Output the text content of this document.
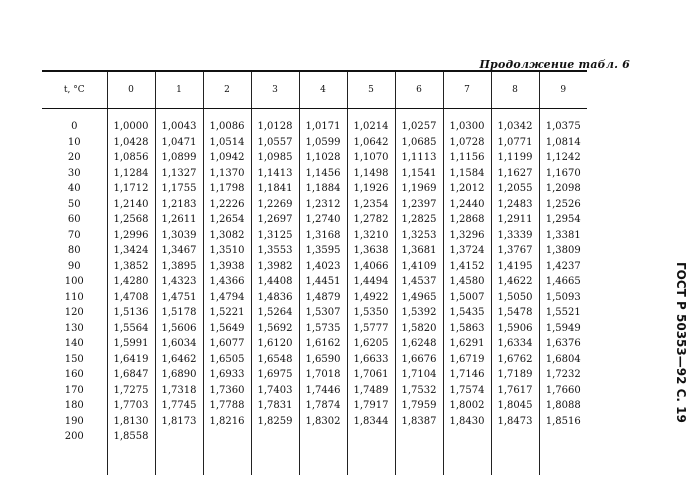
Продолжение табл. 6
t, °C	0	1	2	3	4	5	6	7	8	9
0	1,0000	1,0043	1,0086	1,0128	1,0171	1,0214	1,0257	1,0300	1,0342	1,0375
10	1,0428	1,0471	1,0514	1,0557	1,0599	1,0642	1,0685	1,0728	1,0771	1,0814
20	1,0856	1,0899	1,0942	1,0985	1,1028	1,1070	1,1113	1,1156	1,1199	1,1242
30	1,1284	1,1327	1,1370	1,1413	1,1456	1,1498	1,1541	1,1584	1,1627	1,1670
40	1,1712	1,1755	1,1798	1,1841	1,1884	1,1926	1,1969	1,2012	1,2055	1,2098
50	1,2140	1,2183	1,2226	1,2269	1,2312	1,2354	1,2397	1,2440	1,2483	1,2526
60	1,2568	1,2611	1,2654	1,2697	1,2740	1,2782	1,2825	1,2868	1,2911	1,2954
70	1,2996	1,3039	1,3082	1,3125	1,3168	1,3210	1,3253	1,3296	1,3339	1,3381
80	1,3424	1,3467	1,3510	1,3553	1,3595	1,3638	1,3681	1,3724	1,3767	1,3809
90	1,3852	1,3895	1,3938	1,3982	1,4023	1,4066	1,4109	1,4152	1,4195	1,4237
100	1,4280	1,4323	1,4366	1,4408	1,4451	1,4494	1,4537	1,4580	1,4622	1,4665
110	1,4708	1,4751	1,4794	1,4836	1,4879	1,4922	1,4965	1,5007	1,5050	1,5093
120	1,5136	1,5178	1,5221	1,5264	1,5307	1,5350	1,5392	1,5435	1,5478	1,5521
130	1,5564	1,5606	1,5649	1,5692	1,5735	1,5777	1,5820	1,5863	1,5906	1,5949
140	1,5991	1,6034	1,6077	1,6120	1,6162	1,6205	1,6248	1,6291	1,6334	1,6376
150	1,6419	1,6462	1,6505	1,6548	1,6590	1,6633	1,6676	1,6719	1,6762	1,6804
160	1,6847	1,6890	1,6933	1,6975	1,7018	1,7061	1,7104	1,7146	1,7189	1,7232
170	1,7275	1,7318	1,7360	1,7403	1,7446	1,7489	1,7532	1,7574	1,7617	1,7660
180	1,7703	1,7745	1,7788	1,7831	1,7874	1,7917	1,7959	1,8002	1,8045	1,8088
190	1,8130	1,8173	1,8216	1,8259	1,8302	1,8344	1,8387	1,8430	1,8473	1,8516
200	1,8558									

ГОСТ Р 50353—92 С. 19
